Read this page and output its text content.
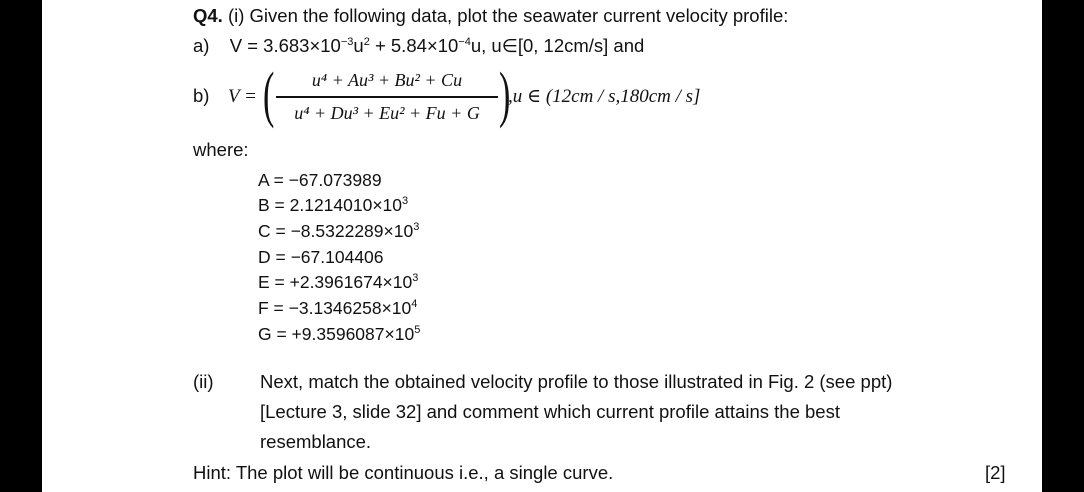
Q4. (i) Given the following data, plot the seawater current velocity profile:
a) $V = 3.683\times 10^{-3}u^2 + 5.84\times 10^{-4}u$, u∈[0, 12cm/s] and
b) V = ( u⁴ + Au³ + Bu² + Cu
u⁴ + Du³ + Eu² + Fu + G )
,u ∈ (12cm / s,180cm / s]
where:
A = −67.073989
$B = 2.1214010\times 10^3$
$C = -8.5322289\times 10^3$
D = −67.104406
$E = +2.3961674\times 10^3$
$F = -3.1346258\times 10^4$
$G = +9.3596087\times 10^5$
(ii)	Next, match the obtained velocity profile to those illustrated in Fig. 2 (see ppt)
[Lecture 3, slide 32] and comment which current profile attains the best
resemblance.
Hint: The plot will be continuous i.e., a single curve.	[2]
